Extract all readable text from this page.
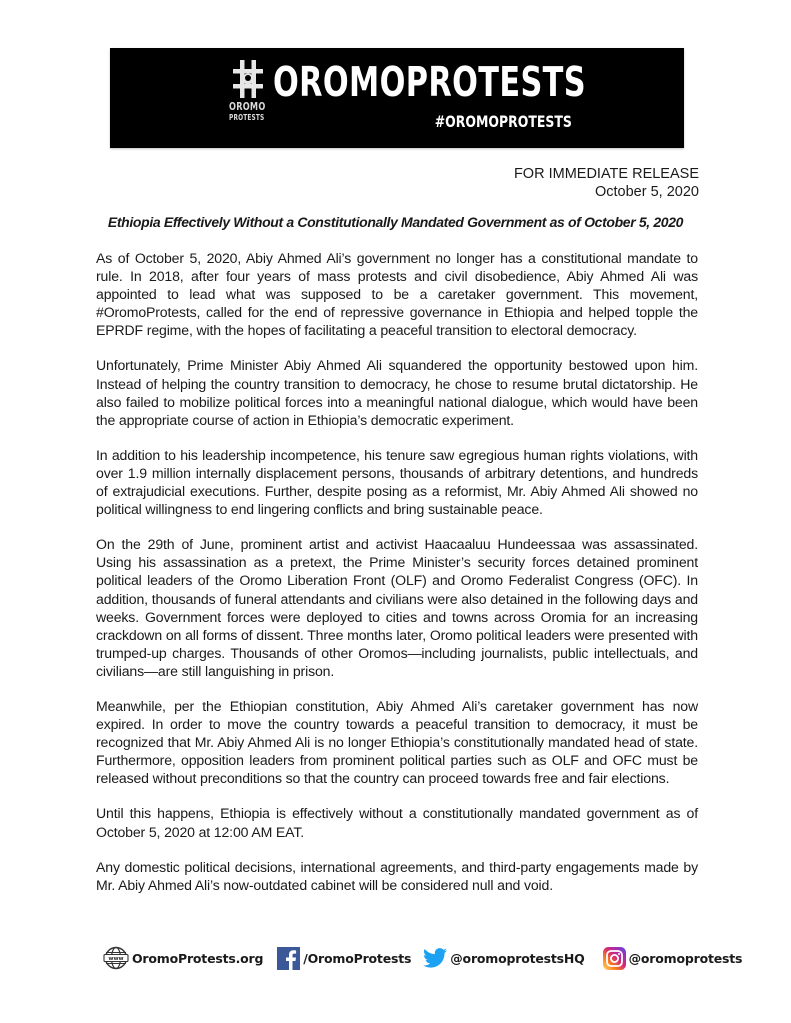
OROMO
PROTESTS
OROMOPROTESTS
#OROMOPROTESTS
FOR IMMEDIATE RELEASE
October 5, 2020
Ethiopia Effectively Without a Constitutionally Mandated Government as of October 5, 2020

As of October 5, 2020, Abiy Ahmed Ali’s government no longer has a constitutional mandate to rule. In 2018, after four years of mass protests and civil disobedience, Abiy Ahmed Ali was appointed to lead what was supposed to be a caretaker government. This movement, #OromoProtests, called for the end of repressive governance in Ethiopia and helped topple the EPRDF regime, with the hopes of facilitating a peaceful transition to electoral democracy.

Unfortunately, Prime Minister Abiy Ahmed Ali squandered the opportunity bestowed upon him. Instead of helping the country transition to democracy, he chose to resume brutal dictatorship. He also failed to mobilize political forces into a meaningful national dialogue, which would have been the appropriate course of action in Ethiopia’s democratic experiment.

In addition to his leadership incompetence, his tenure saw egregious human rights violations, with over 1.9 million internally displacement persons, thousands of arbitrary detentions, and hundreds of extrajudicial executions. Further, despite posing as a reformist, Mr. Abiy Ahmed Ali showed no political willingness to end lingering conflicts and bring sustainable peace.

On the 29th of June, prominent artist and activist Haacaaluu Hundeessaa was assassinated. Using his assassination as a pretext, the Prime Minister’s security forces detained prominent political leaders of the Oromo Liberation Front (OLF) and Oromo Federalist Congress (OFC). In addition, thousands of funeral attendants and civilians were also detained in the following days and weeks. Government forces were deployed to cities and towns across Oromia for an increasing crackdown on all forms of dissent. Three months later, Oromo political leaders were presented with trumped-up charges. Thousands of other Oromos—including journalists, public intellectuals, and civilians—are still languishing in prison.

Meanwhile, per the Ethiopian constitution, Abiy Ahmed Ali’s caretaker government has now expired. In order to move the country towards a peaceful transition to democracy, it must be recognized that Mr. Abiy Ahmed Ali is no longer Ethiopia’s constitutionally mandated head of state. Furthermore, opposition leaders from prominent political parties such as OLF and OFC must be released without preconditions so that the country can proceed towards free and fair elections.

Until this happens, Ethiopia is effectively without a constitutionally mandated government as of October 5, 2020 at 12:00 AM EAT.

Any domestic political decisions, international agreements, and third-party engagements made by Mr. Abiy Ahmed Ali’s now-outdated cabinet will be considered null and void.

www OromoProtests.org	/OromoProtests	@oromoprotestsHQ	@oromoprotests
